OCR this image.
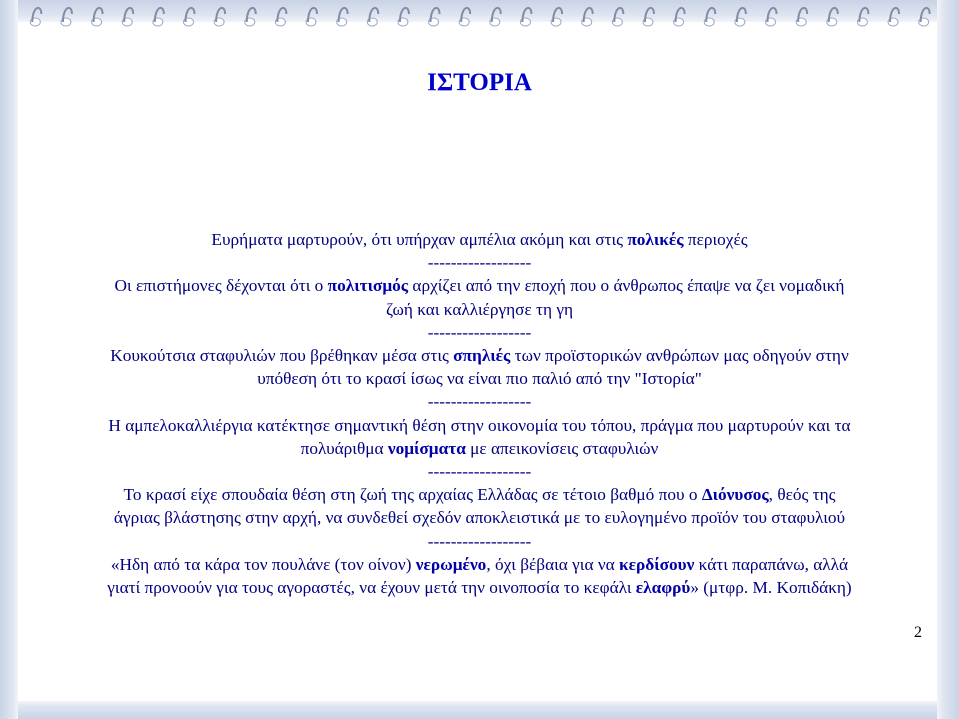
ΙΣΤΟΡΙΑ

Ευρήματα μαρτυρούν, ότι υπήρχαν αμπέλια ακόμη και στις πολικές περιοχές

------------------

Οι επιστήμονες δέχονται ότι ο πολιτισμός αρχίζει από την εποχή που ο άνθρωπος έπαψε να ζει νομαδική

ζωή και καλλιέργησε τη γη

------------------

Κουκούτσια σταφυλιών που βρέθηκαν μέσα στις σπηλιές των προϊστορικών ανθρώπων μας οδηγούν στην

υπόθεση ότι το κρασί ίσως να είναι πιο παλιό από την "Ιστορία"

------------------

Η αμπελοκαλλιέργια κατέκτησε σημαντική θέση στην οικονομία του τόπου, πράγμα που μαρτυρούν και τα

πολυάριθμα νομίσματα με απεικονίσεις σταφυλιών

------------------

Το κρασί είχε σπουδαία θέση στη ζωή της αρχαίας Ελλάδας σε τέτοιο βαθμό που ο Διόνυσος, θεός της

άγριας βλάστησης στην αρχή, να συνδεθεί σχεδόν αποκλειστικά με το ευλογημένο προϊόν του σταφυλιού

------------------

«Ηδη από τα κάρα τον πουλάνε (τον οίνον) νερωμένο, όχι βέβαια για να κερδίσουν κάτι παραπάνω, αλλά

γιατί προνοούν για τους αγοραστές, να έχουν μετά την οινοποσία το κεφάλι ελαφρύ» (μτφρ. Μ. Κοπιδάκη)

2
